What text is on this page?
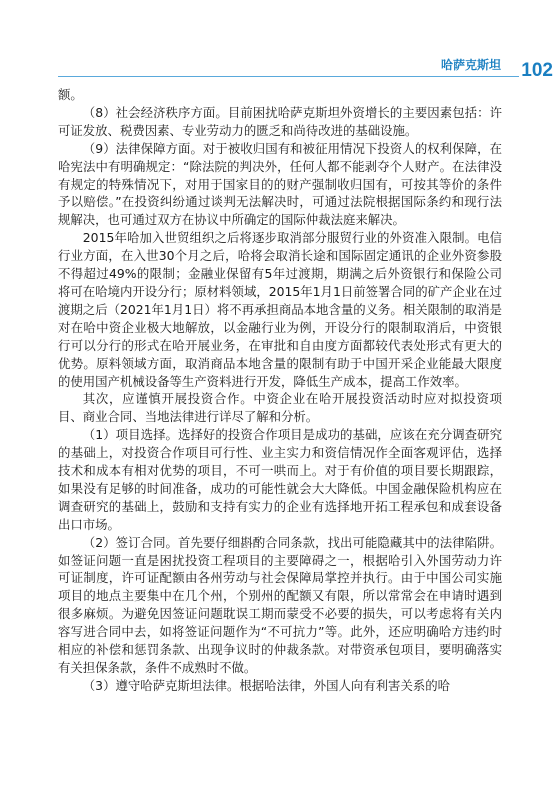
哈萨克斯坦 102

额。

（8）社会经济秩序方面。目前困扰哈萨克斯坦外资增长的主要因素包括：许可证发放、税费因素、专业劳动力的匮乏和尚待改进的基础设施。

（9）法律保障方面。对于被收归国有和被征用情况下投资人的权利保障，在哈宪法中有明确规定：“除法院的判决外，任何人都不能剥夺个人财产。在法律没有规定的特殊情况下，对用于国家目的的财产强制收归国有，可按其等价的条件予以赔偿。”在投资纠纷通过谈判无法解决时，可通过法院根据国际条约和现行法规解决，也可通过双方在协议中所确定的国际仲裁法庭来解决。

2015年哈加入世贸组织之后将逐步取消部分服贸行业的外资准入限制。电信行业方面，在入世30个月之后，哈将会取消长途和国际固定通讯的企业外资参股不得超过49%的限制；金融业保留有5年过渡期，期满之后外资银行和保险公司将可在哈境内开设分行；原材料领域，2015年1月1日前签署合同的矿产企业在过渡期之后（2021年1月1日）将不再承担商品本地含量的义务。相关限制的取消是对在哈中资企业极大地解放，以金融行业为例，开设分行的限制取消后，中资银行可以分行的形式在哈开展业务，在审批和自由度方面都较代表处形式有更大的优势。原料领域方面，取消商品本地含量的限制有助于中国开采企业能最大限度的使用国产机械设备等生产资料进行开发，降低生产成本，提高工作效率。

其次，应谨慎开展投资合作。中资企业在哈开展投资活动时应对拟投资项目、商业合同、当地法律进行详尽了解和分析。

（1）项目选择。选择好的投资合作项目是成功的基础，应该在充分调查研究的基础上，对投资合作项目可行性、业主实力和资信情况作全面客观评估，选择技术和成本有相对优势的项目，不可一哄而上。对于有价值的项目要长期跟踪，如果没有足够的时间准备，成功的可能性就会大大降低。中国金融保险机构应在调查研究的基础上，鼓励和支持有实力的企业有选择地开拓工程承包和成套设备出口市场。

（2）签订合同。首先要仔细斟酌合同条款，找出可能隐藏其中的法律陷阱。如签证问题一直是困扰投资工程项目的主要障碍之一，根据哈引入外国劳动力许可证制度，许可证配额由各州劳动与社会保障局掌控并执行。由于中国公司实施项目的地点主要集中在几个州，个别州的配额又有限，所以常常会在申请时遇到很多麻烦。为避免因签证问题耽误工期而蒙受不必要的损失，可以考虑将有关内容写进合同中去，如将签证问题作为“不可抗力”等。此外，还应明确哈方违约时相应的补偿和惩罚条款、出现争议时的仲裁条款。对带资承包项目，要明确落实有关担保条款，条件不成熟时不做。

（3）遵守哈萨克斯坦法律。根据哈法律，外国人向有利害关系的哈
